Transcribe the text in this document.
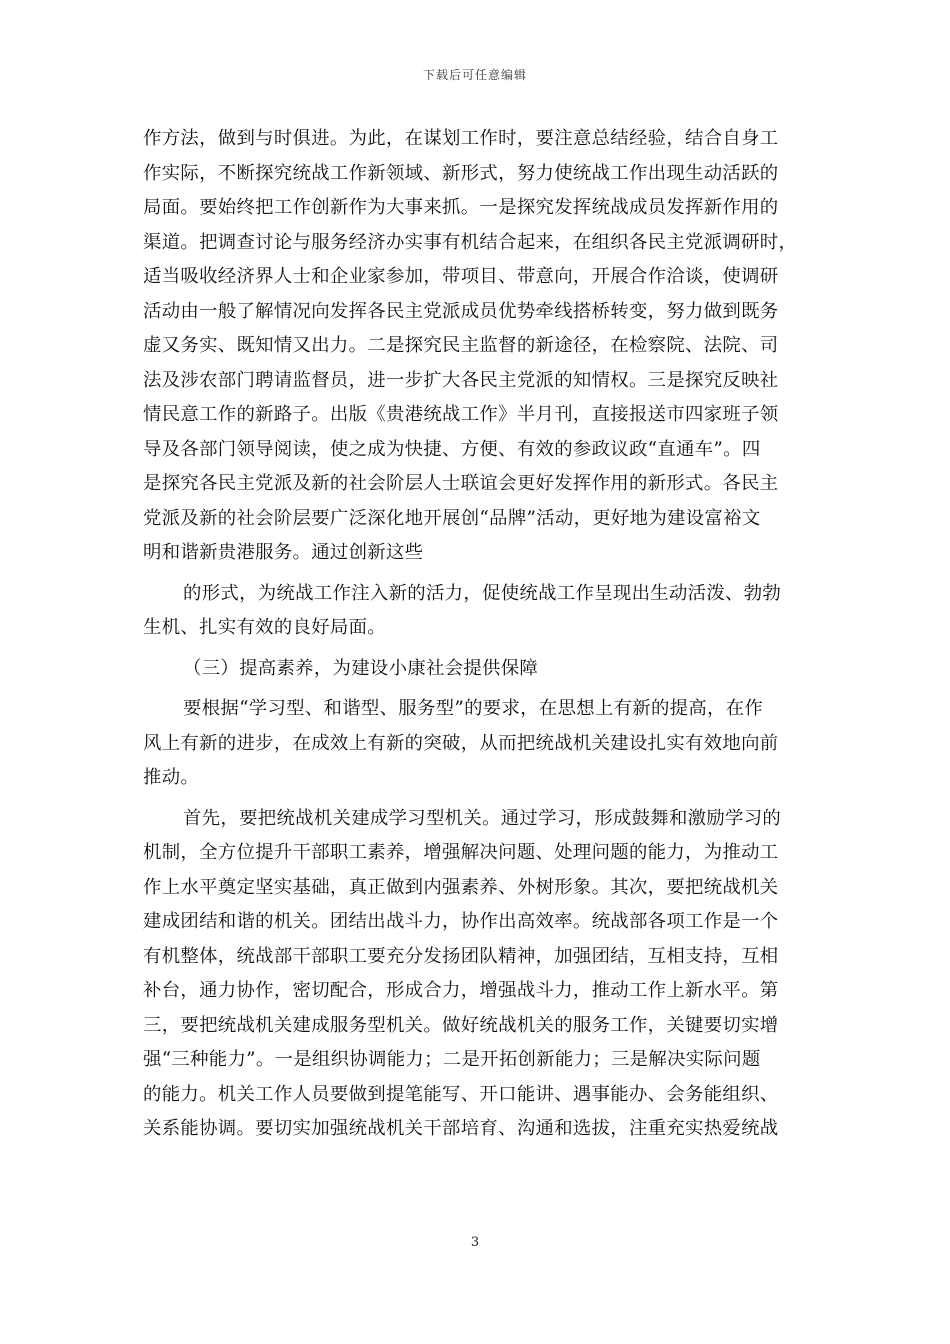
下载后可任意编辑
作方法，做到与时俱进。为此，在谋划工作时，要注意总结经验，结合自身工
作实际，不断探究统战工作新领域、新形式，努力使统战工作出现生动活跃的
局面。要始终把工作创新作为大事来抓。一是探究发挥统战成员发挥新作用的
渠道。把调查讨论与服务经济办实事有机结合起来，在组织各民主党派调研时，
适当吸收经济界人士和企业家参加，带项目、带意向，开展合作洽谈，使调研
活动由一般了解情况向发挥各民主党派成员优势牵线搭桥转变，努力做到既务
虚又务实、既知情又出力。二是探究民主监督的新途径，在检察院、法院、司
法及涉农部门聘请监督员，进一步扩大各民主党派的知情权。三是探究反映社
情民意工作的新路子。出版《贵港统战工作》半月刊，直接报送市四家班子领
导及各部门领导阅读，使之成为快捷、方便、有效的参政议政“直通车”。四
是探究各民主党派及新的社会阶层人士联谊会更好发挥作用的新形式。各民主
党派及新的社会阶层要广泛深化地开展创“品牌”活动，更好地为建设富裕文
明和谐新贵港服务。通过创新这些
的形式，为统战工作注入新的活力，促使统战工作呈现出生动活泼、勃勃
生机、扎实有效的良好局面。
（三）提高素养，为建设小康社会提供保障
要根据“学习型、和谐型、服务型”的要求，在思想上有新的提高，在作
风上有新的进步，在成效上有新的突破，从而把统战机关建设扎实有效地向前
推动。
首先，要把统战机关建成学习型机关。通过学习，形成鼓舞和激励学习的
机制，全方位提升干部职工素养，增强解决问题、处理问题的能力，为推动工
作上水平奠定坚实基础，真正做到内强素养、外树形象。其次，要把统战机关
建成团结和谐的机关。团结出战斗力，协作出高效率。统战部各项工作是一个
有机整体，统战部干部职工要充分发扬团队精神，加强团结，互相支持，互相
补台，通力协作，密切配合，形成合力，增强战斗力，推动工作上新水平。第
三，要把统战机关建成服务型机关。做好统战机关的服务工作，关键要切实增
强“三种能力”。一是组织协调能力；二是开拓创新能力；三是解决实际问题
的能力。机关工作人员要做到提笔能写、开口能讲、遇事能办、会务能组织、
关系能协调。要切实加强统战机关干部培育、沟通和选拔，注重充实热爱统战
3
